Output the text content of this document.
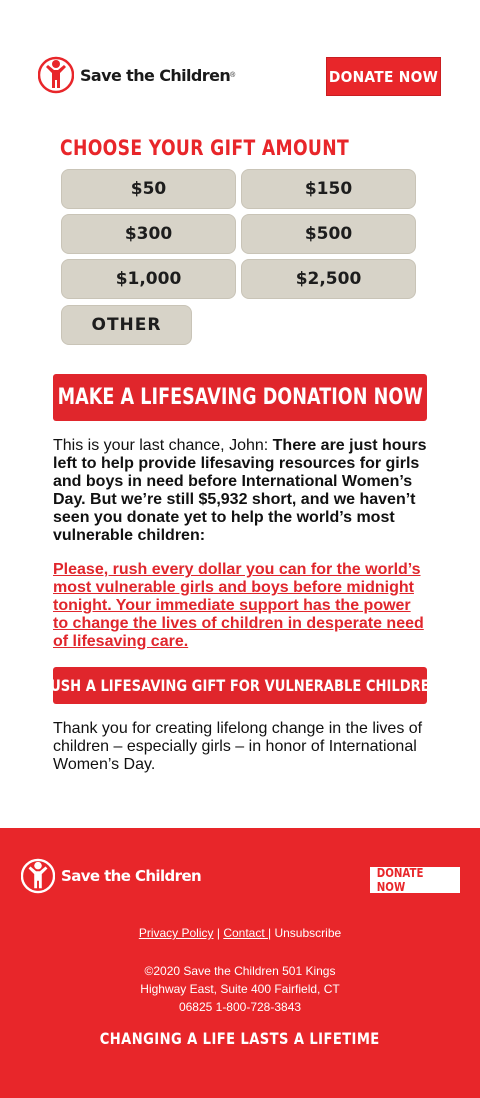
Save the Children ®	DONATE NOW
CHOOSE YOUR GIFT AMOUNT
$50	$150
$300	$500
$1,000	$2,500
OTHER
MAKE A LIFESAVING DONATION NOW
This is your last chance, John: There are just hours left to help provide lifesaving resources for girls and boys in need before International Women’s Day. But we’re still $5,932 short, and we haven’t seen you donate yet to help the world’s most vulnerable children:
Please, rush every dollar you can for the world’s most vulnerable girls and boys before midnight tonight. Your immediate support has the power to change the lives of children in desperate need of lifesaving care.
RUSH A LIFESAVING GIFT FOR VULNERABLE CHILDREN
Thank you for creating lifelong change in the lives of children – especially girls – in honor of International Women’s Day.
Save the Children	DONATE NOW
Privacy Policy | Contact | Unsubscribe
©2020 Save the Children 501 Kings
Highway East, Suite 400 Fairfield, CT
06825 1-800-728-3843
CHANGING A LIFE LASTS A LIFETIME
